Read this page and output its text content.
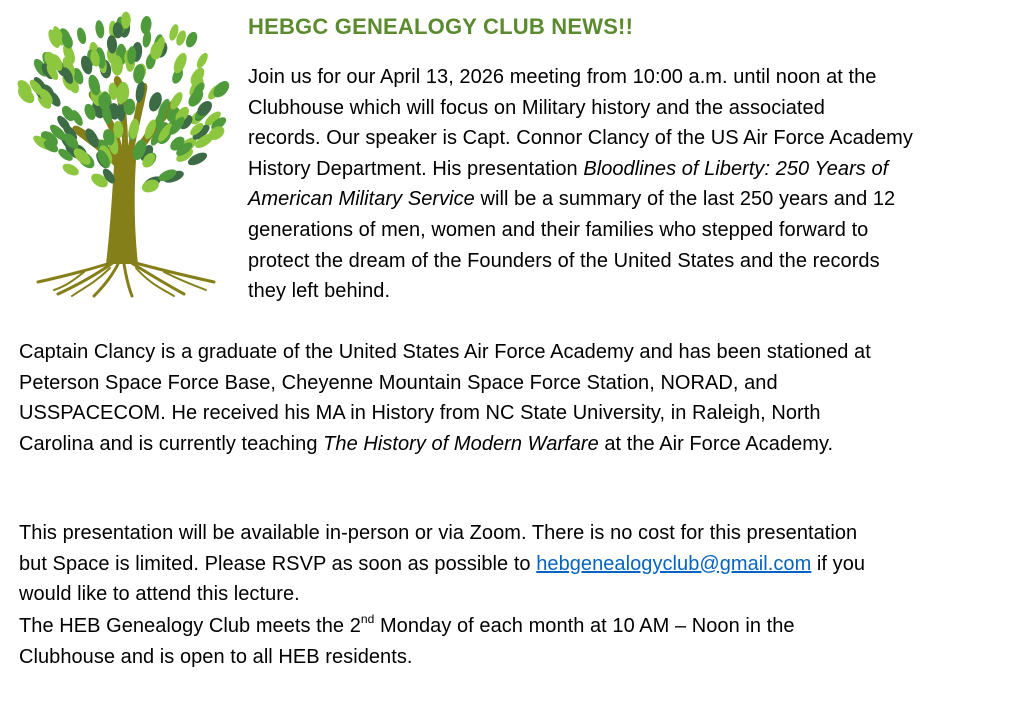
HEBGC GENEALOGY CLUB NEWS!!

Join us for our April 13, 2026 meeting from 10:00 a.m. until noon at the
Clubhouse which will focus on Military history and the associated
records. Our speaker is Capt. Connor Clancy of the US Air Force Academy
History Department. His presentation Bloodlines of Liberty: 250 Years of
American Military Service will be a summary of the last 250 years and 12
generations of men, women and their families who stepped forward to
protect the dream of the Founders of the United States and the records
they left behind.

Captain Clancy is a graduate of the United States Air Force Academy and has been stationed at
Peterson Space Force Base, Cheyenne Mountain Space Force Station, NORAD, and
USSPACECOM. He received his MA in History from NC State University, in Raleigh, North
Carolina and is currently teaching The History of Modern Warfare at the Air Force Academy.

This presentation will be available in-person or via Zoom. There is no cost for this presentation
but Space is limited. Please RSVP as soon as possible to hebgenealogyclub@gmail.com if you
would like to attend this lecture.

The HEB Genealogy Club meets the 2nd Monday of each month at 10 AM – Noon in the
Clubhouse and is open to all HEB residents.
